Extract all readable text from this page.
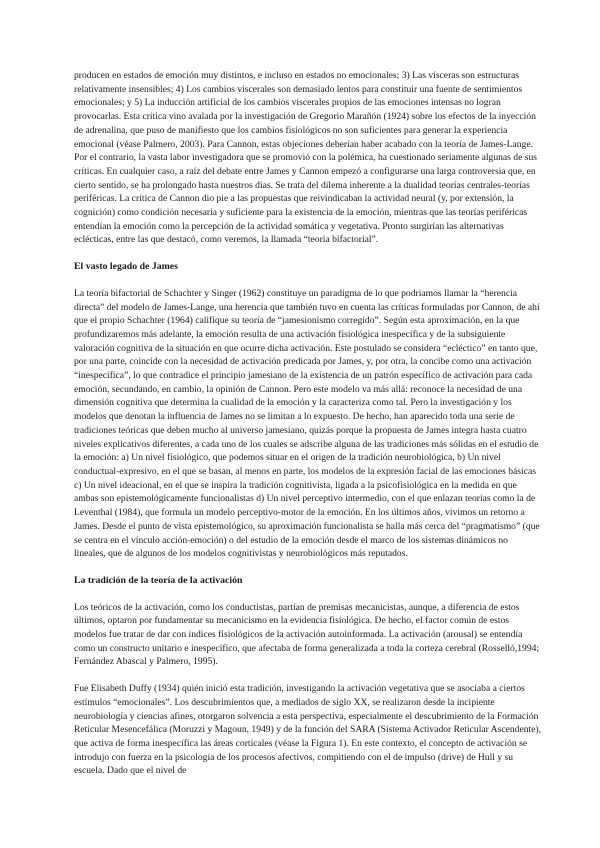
producen en estados de emoción muy distintos, e incluso en estados no emocionales; 3) Las vísceras son estructuras relativamente insensibles; 4) Los cambios viscerales son demasiado lentos para constituir una fuente de sentimientos emocionales; y 5) La inducción artificial de los cambios viscerales propios de las emociones intensas no logran provocarlas. Esta crítica vino avalada por la investigación de Gregorio Marañón (1924) sobre los efectos de la inyección de adrenalina, que puso de manifiesto que los cambios fisiológicos no son suficientes para generar la experiencia emocional (véase Palmero, 2003). Para Cannon, estas objeciones deberían haber acabado con la teoría de James-Lange. Por el contrario, la vasta labor investigadora que se promovió con la polémica, ha cuestionado seriamente algunas de sus críticas. En cualquier caso, a raíz del debate entre James y Cannon empezó a configurarse una larga controversia que, en cierto sentido, se ha prolongado hasta nuestros días. Se trata del dilema inherente a la dualidad teorías centrales-teorías periféricas. La crítica de Cannon dio pie a las propuestas que reivindicaban la actividad neural (y, por extensión, la cognición) como condición necesaria y suficiente para la existencia de la emoción, mientras que las teorías periféricas entendían la emoción como la percepción de la actividad somática y vegetativa. Pronto surgirían las alternativas eclécticas, entre las que destacó, como veremos, la llamada “teoría bifactorial”.

El vasto legado de James

La teoría bifactorial de Schachter y Singer (1962) constituye un paradigma de lo que podríamos llamar la “herencia directa” del modelo de James-Lange, una herencia que también tuvo en cuenta las críticas formuladas por Cannon, de ahí que el propio Schachter (1964) califique su teoría de “jamesionismo corregido”. Según esta aproximación, en la que profundizaremos más adelante, la emoción resulta de una activación fisiológica inespecífica y de la subsiguiente valoración cognitiva de la situación en que ocurre dicha activación. Este postulado se considera “ecléctico” en tanto que, por una parte, coincide con la necesidad de activación predicada por James, y, por otra, la concibe como una activación “inespecífica”, lo que contradice el principio jamesiano de la existencia de un patrón específico de activación para cada emoción, secundando, en cambio, la opinión de Cannon. Pero este modelo va más allá: reconoce la necesidad de una dimensión cognitiva que determina la cualidad de la emoción y la caracteriza como tal. Pero la investigación y los modelos que denotan la influencia de James no se limitan a lo expuesto. De hecho, han aparecido toda una serie de tradiciones teóricas que deben mucho al universo jamesiano, quizás porque la propuesta de James integra hasta cuatro niveles explicativos diferentes, a cada uno de los cuales se adscribe alguna de las tradiciones más sólidas en el estudio de la emoción: a) Un nivel fisiológico, que podemos situar en el origen de la tradición neurobiológica, b) Un nivel conductual-expresivo, en el que se basan, al menos en parte, los modelos de la expresión facial de las emociones básicas c) Un nivel ideacional, en el que se inspira la tradición cognitivista, ligada a la psicofisiológica en la medida en que ambas son epistemológicamente funcionalistas d) Un nivel perceptivo intermedio, con el que enlazan teorías como la de Leventhal (1984), que formula un modelo perceptivo-motor de la emoción. En los últimos años, vivimos un retorno a James. Desde el punto de vista epistemológico, su aproximación funcionalista se halla más cerca del “pragmatismo” (que se centra en el vínculo acción-emoción) o del estudio de la emoción desde el marco de los sistemas dinámicos no lineales, que de algunos de los modelos cognitivistas y neurobiológicos más reputados.

La tradición de la teoría de la activación

Los teóricos de la activación, como los conductistas, partían de premisas mecanicistas, aunque, a diferencia de estos últimos, optaron por fundamentar su mecanicismo en la evidencia fisiológica. De hecho, el factor común de estos modelos fue tratar de dar con índices fisiológicos de la activación autoinformada. La activación (arousal) se entendía como un constructo unitario e inespecífico, que afectaba de forma generalizada a toda la corteza cerebral (Rosselló,1994; Fernández Abascal y Palmero, 1995).

Fue Elisabeth Duffy (1934) quién inició esta tradición, investigando la activación vegetativa que se asociaba a ciertos estímulos “emocionales”. Los descubrimientos que, a mediados de siglo XX, se realizaron desde la incipiente neurobiología y ciencias afines, otorgaron solvencia a esta perspectiva, especialmente el descubrimiento de la Formación Reticular Mesencefálica (Moruzzi y Magoun, 1949) y de la función del SARA (Sistema Activador Reticular Ascendente), que activa de forma inespecífica las áreas corticales (véase la Figura 1). En este contexto, el concepto de activación se introdujo con fuerza en la psicología de los procesos afectivos, compitiendo con el de impulso (drive) de Hull y su escuela. Dado que el nivel de
